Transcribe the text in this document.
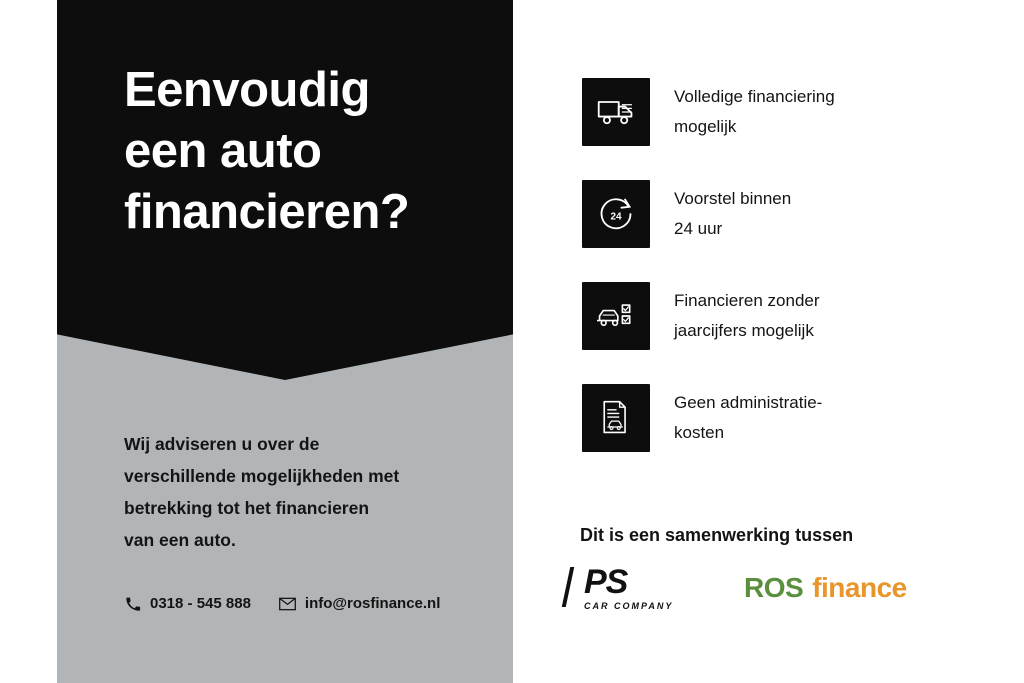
Eenvoudig
een auto
financieren?
Wij adviseren u over de
verschillende mogelijkheden met
betrekking tot het financieren
van een auto.
0318 - 545 888	info@rosfinance.nl
Volledige financiering
mogelijk
24
Voorstel binnen
24 uur
Financieren zonder
jaarcijfers mogelijk
Geen administratie-
kosten
Dit is een samenwerking tussen
PS
CAR COMPANY
ROS finance
